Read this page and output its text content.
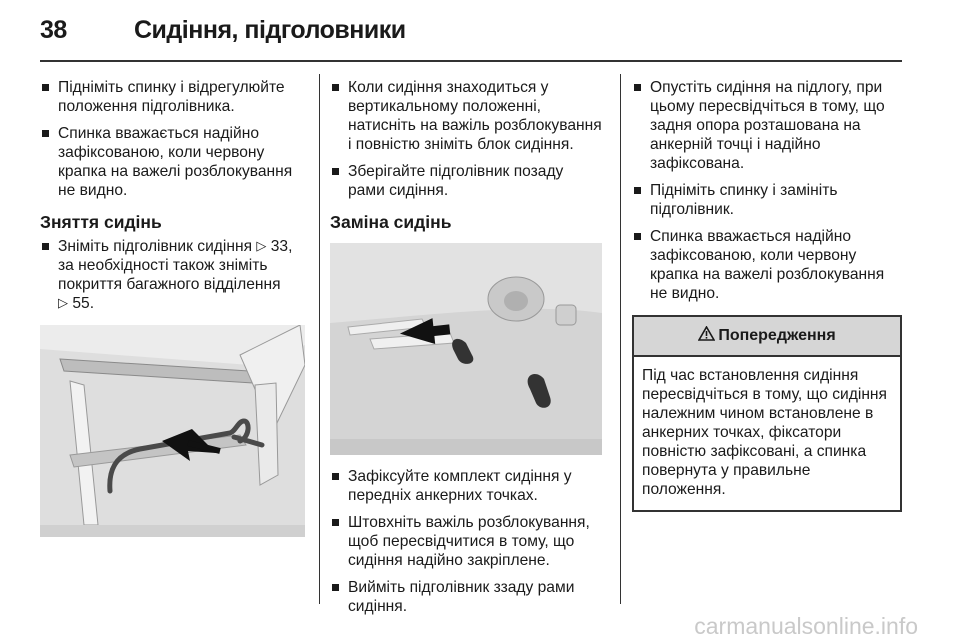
38	Сидіння, підголовники
Підніміть спинку і відрегулюйте положення підголівника.
Спинка вважається надійно зафіксованою, коли червону крапка на важелі розблокування не видно.
Зняття сидінь
Зніміть підголівник сидіння ▷ 33, за необхідності також зніміть покриття багажного відділення
▷ 55.
Коли сидіння знаходиться у вертикальному положенні, натисніть на важіль розблокування і повністю зніміть блок сидіння.
Зберігайте підголівник позаду рами сидіння.
Заміна сидінь
Зафіксуйте комплект сидіння у передніх анкерних точках.
Штовхніть важіль розблокування, щоб пересвідчитися в тому, що сидіння надійно закріплене.
Вийміть підголівник ззаду рами сидіння.
Опустіть сидіння на підлогу, при цьому пересвідчіться в тому, що задня опора розташована на анкерній точці і надійно зафіксована.
Підніміть спинку і замініть підголівник.
Спинка вважається надійно зафіксованою, коли червону крапка на важелі розблокування не видно.
Попередження
Під час встановлення сидіння пересвідчіться в тому, що сидіння належним чином встановлене в анкерних точках, фіксатори повністю зафіксовані, а спинка повернута у правильне положення.
carmanualsonline.info
